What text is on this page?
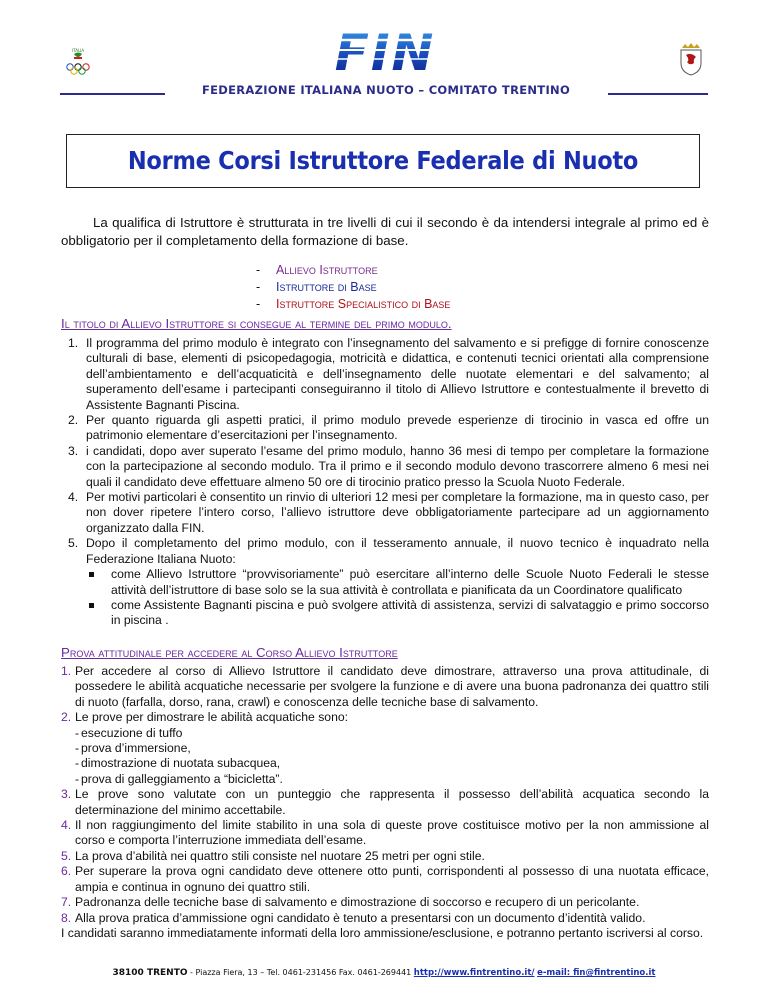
ITALIA	FIN
FEDERAZIONE ITALIANA NUOTO – COMITATO TRENTINO
Norme Corsi Istruttore Federale di Nuoto

La qualifica di Istruttore è strutturata in tre livelli di cui il secondo è da intendersi integrale al primo ed è obbligatorio per il completamento della formazione di base.

- Allievo Istruttore
- Istruttore di Base
- Istruttore Specialistico di Base
Il titolo di Allievo Istruttore si consegue al termine del primo modulo.
1. Il programma del primo modulo è integrato con l’insegnamento del salvamento e si prefigge di fornire conoscenze culturali di base, elementi di psicopedagogia, motricità e didattica, e contenuti tecnici orientati alla comprensione dell’ambientamento e dell’acquaticità e dell’insegnamento delle nuotate elementari e del salvamento; al superamento dell’esame i partecipanti conseguiranno il titolo di Allievo Istruttore e contestualmente il brevetto di Assistente Bagnanti Piscina.
2. Per quanto riguarda gli aspetti pratici, il primo modulo prevede esperienze di tirocinio in vasca ed offre un patrimonio elementare d’esercitazioni per l’insegnamento.
3. i candidati, dopo aver superato l’esame del primo modulo, hanno 36 mesi di tempo per completare la formazione con la partecipazione al secondo modulo. Tra il primo e il secondo modulo devono trascorrere almeno 6 mesi nei quali il candidato deve effettuare almeno 50 ore di tirocinio pratico presso la Scuola Nuoto Federale.
4. Per motivi particolari è consentito un rinvio di ulteriori 12 mesi per completare la formazione, ma in questo caso, per non dover ripetere l’intero corso, l’allievo istruttore deve obbligatoriamente partecipare ad un aggiornamento organizzato dalla FIN.
5. Dopo il completamento del primo modulo, con il tesseramento annuale, il nuovo tecnico è inquadrato nella Federazione Italiana Nuoto:
come Allievo Istruttore “provvisoriamente” può esercitare all’interno delle Scuole Nuoto Federali le stesse attività dell’istruttore di base solo se la sua attività è controllata e pianificata da un Coordinatore qualificato
come Assistente Bagnanti piscina e può svolgere attività di assistenza, servizi di salvataggio e primo soccorso in piscina .
Prova attitudinale per accedere al Corso Allievo Istruttore
1. Per accedere al corso di Allievo Istruttore il candidato deve dimostrare, attraverso una prova attitudinale, di possedere le abilità acquatiche necessarie per svolgere la funzione e di avere una buona padronanza dei quattro stili di nuoto (farfalla, dorso, rana, crawl) e conoscenza delle tecniche base di salvamento.
2. Le prove per dimostrare le abilità acquatiche sono:
- esecuzione di tuffo
- prova d’immersione,
- dimostrazione di nuotata subacquea,
- prova di galleggiamento a “bicicletta”.
3. Le prove sono valutate con un punteggio che rappresenta il possesso dell’abilità acquatica secondo la determinazione del minimo accettabile.
4. Il non raggiungimento del limite stabilito in una sola di queste prove costituisce motivo per la non ammissione al corso e comporta l’interruzione immediata dell’esame.
5. La prova d’abilità nei quattro stili consiste nel nuotare 25 metri per ogni stile.
6. Per superare la prova ogni candidato deve ottenere otto punti, corrispondenti al possesso di una nuotata efficace, ampia e continua in ognuno dei quattro stili.
7. Padronanza delle tecniche base di salvamento e dimostrazione di soccorso e recupero di un pericolante.
8. Alla prova pratica d’ammissione ogni candidato è tenuto a presentarsi con un documento d’identità valido.
I candidati saranno immediatamente informati della loro ammissione/esclusione, e potranno pertanto iscriversi al corso.
38100 TRENTO - Piazza Fiera, 13 – Tel. 0461-231456 Fax. 0461-269441 http://www.fintrentino.it/ e-mail: fin@fintrentino.it
